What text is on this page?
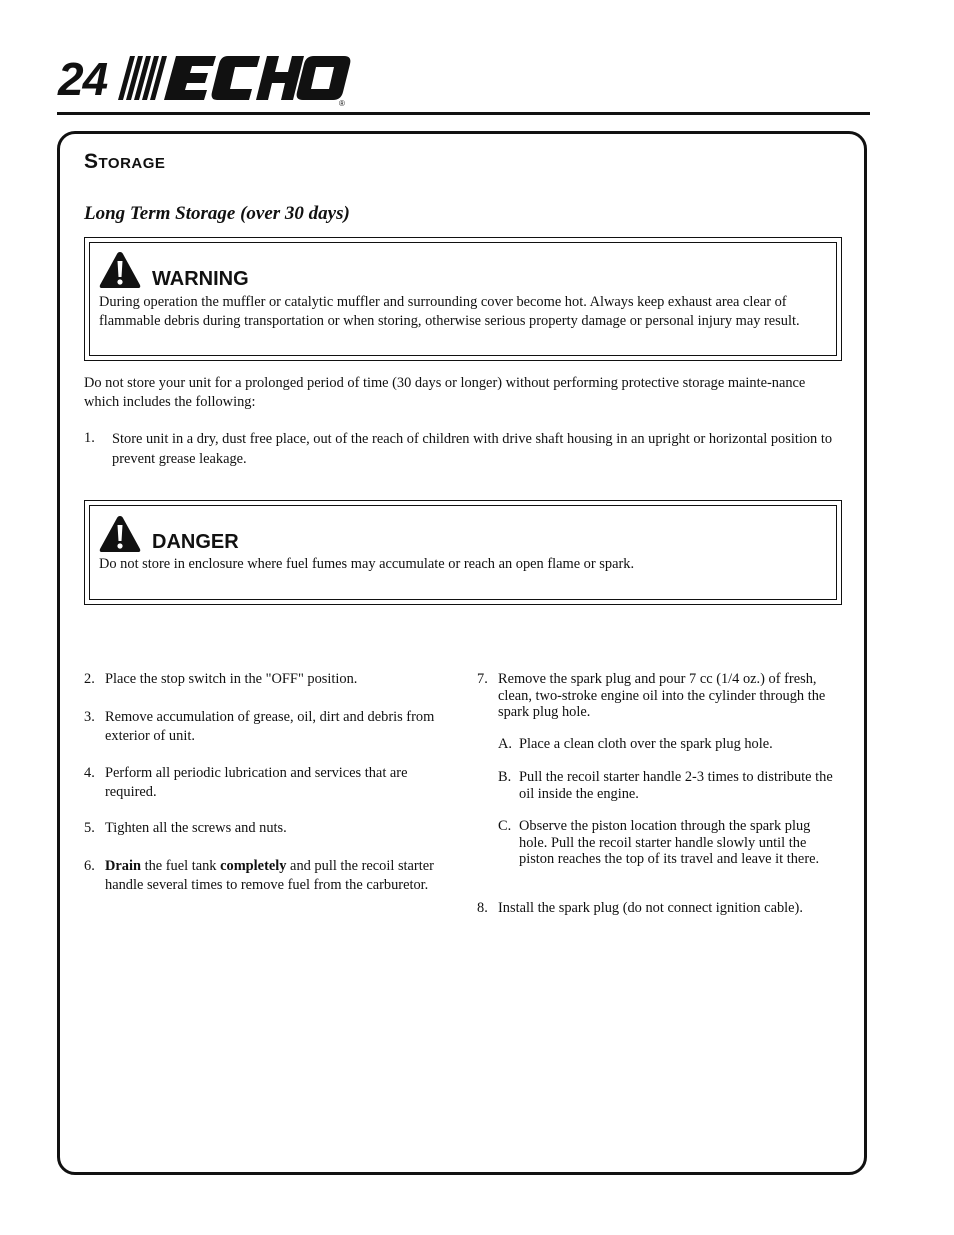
24	®
Storage
Long Term Storage (over 30 days)
WARNING
During operation the muffler or catalytic muffler and surrounding cover become hot. Always keep exhaust area clear of flammable debris during transportation or when storing, otherwise serious property damage or personal injury may result.
Do not store your unit for a prolonged period of time (30 days or longer) without performing protective storage mainte-nance which includes the following:
1. Store unit in a dry, dust free place, out of the reach of children with drive shaft housing in an upright or horizontal position to prevent grease leakage.
DANGER
Do not store in enclosure where fuel fumes may accumulate or reach an open flame or spark.
2. Place the stop switch in the "OFF" position.
3. Remove accumulation of grease, oil, dirt and debris from exterior of unit.
4. Perform all periodic lubrication and services that are required.
5. Tighten all the screws and nuts.
6. Drain the fuel tank completely and pull the recoil starter handle several times to remove fuel from the carburetor.
7. Remove the spark plug and pour 7 cc (1/4 oz.) of fresh, clean, two-stroke engine oil into the cylinder through the spark plug hole.
A. Place a clean cloth over the spark plug hole.
B. Pull the recoil starter handle 2-3 times to distribute the oil inside the engine.
C. Observe the piston location through the spark plug hole. Pull the recoil starter handle slowly until the piston reaches the top of its travel and leave it there.
8. Install the spark plug (do not connect ignition cable).
